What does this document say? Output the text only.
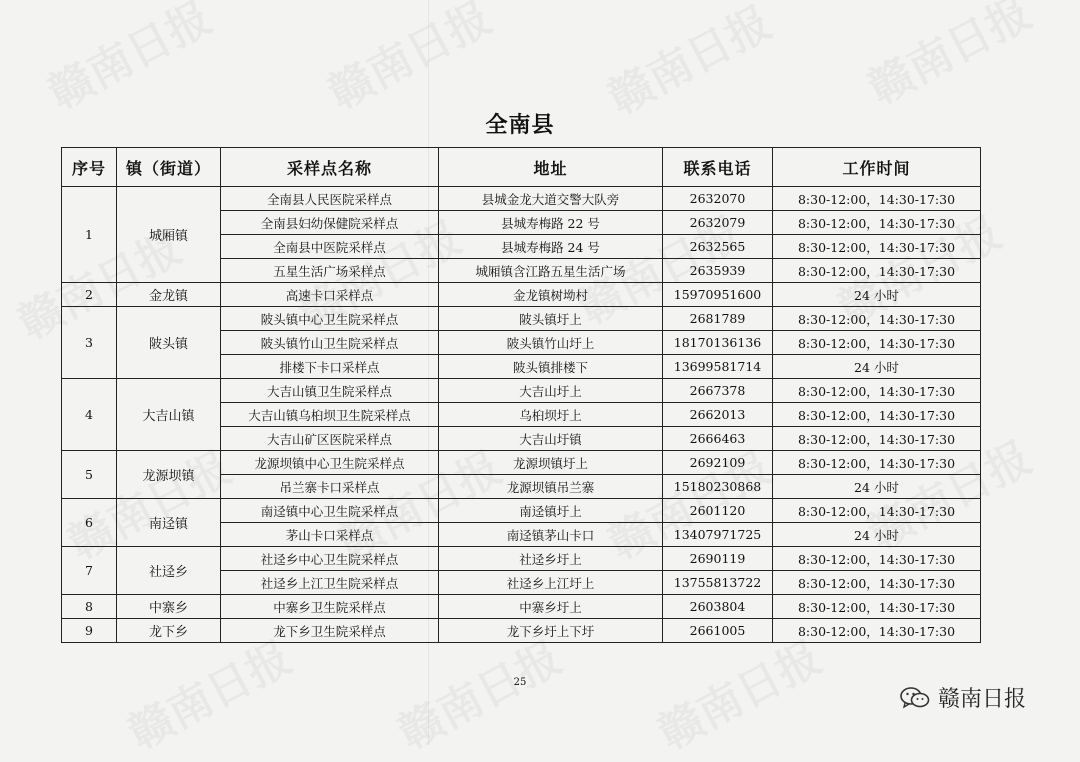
全南县
序号	镇（街道）	采样点名称	地址	联系电话	工作时间
1	城厢镇	全南县人民医院采样点	县城金龙大道交警大队旁	2632070	8:30-12:00，14:30-17:30
		全南县妇幼保健院采样点	县城寿梅路 22 号	2632079	8:30-12:00，14:30-17:30
		全南县中医院采样点	县城寿梅路 24 号	2632565	8:30-12:00，14:30-17:30
		五星生活广场采样点	城厢镇含江路五星生活广场	2635939	8:30-12:00，14:30-17:30
2	金龙镇	高速卡口采样点	金龙镇树坳村	15970951600	24 小时
3	陂头镇	陂头镇中心卫生院采样点	陂头镇圩上	2681789	8:30-12:00，14:30-17:30
		陂头镇竹山卫生院采样点	陂头镇竹山圩上	18170136136	8:30-12:00，14:30-17:30
		排楼下卡口采样点	陂头镇排楼下	13699581714	24 小时
4	大吉山镇	大吉山镇卫生院采样点	大吉山圩上	2667378	8:30-12:00，14:30-17:30
		大吉山镇乌桕坝卫生院采样点	乌桕坝圩上	2662013	8:30-12:00，14:30-17:30
		大吉山矿区医院采样点	大吉山圩镇	2666463	8:30-12:00，14:30-17:30
5	龙源坝镇	龙源坝镇中心卫生院采样点	龙源坝镇圩上	2692109	8:30-12:00，14:30-17:30
		吊兰寨卡口采样点	龙源坝镇吊兰寨	15180230868	24 小时
6	南迳镇	南迳镇中心卫生院采样点	南迳镇圩上	2601120	8:30-12:00，14:30-17:30
		茅山卡口采样点	南迳镇茅山卡口	13407971725	24 小时
7	社迳乡	社迳乡中心卫生院采样点	社迳乡圩上	2690119	8:30-12:00，14:30-17:30
		社迳乡上江卫生院采样点	社迳乡上江圩上	13755813722	8:30-12:00，14:30-17:30
8	中寨乡	中寨乡卫生院采样点	中寨乡圩上	2603804	8:30-12:00，14:30-17:30
9	龙下乡	龙下乡卫生院采样点	龙下乡圩上下圩	2661005	8:30-12:00，14:30-17:30
25
赣南日报
